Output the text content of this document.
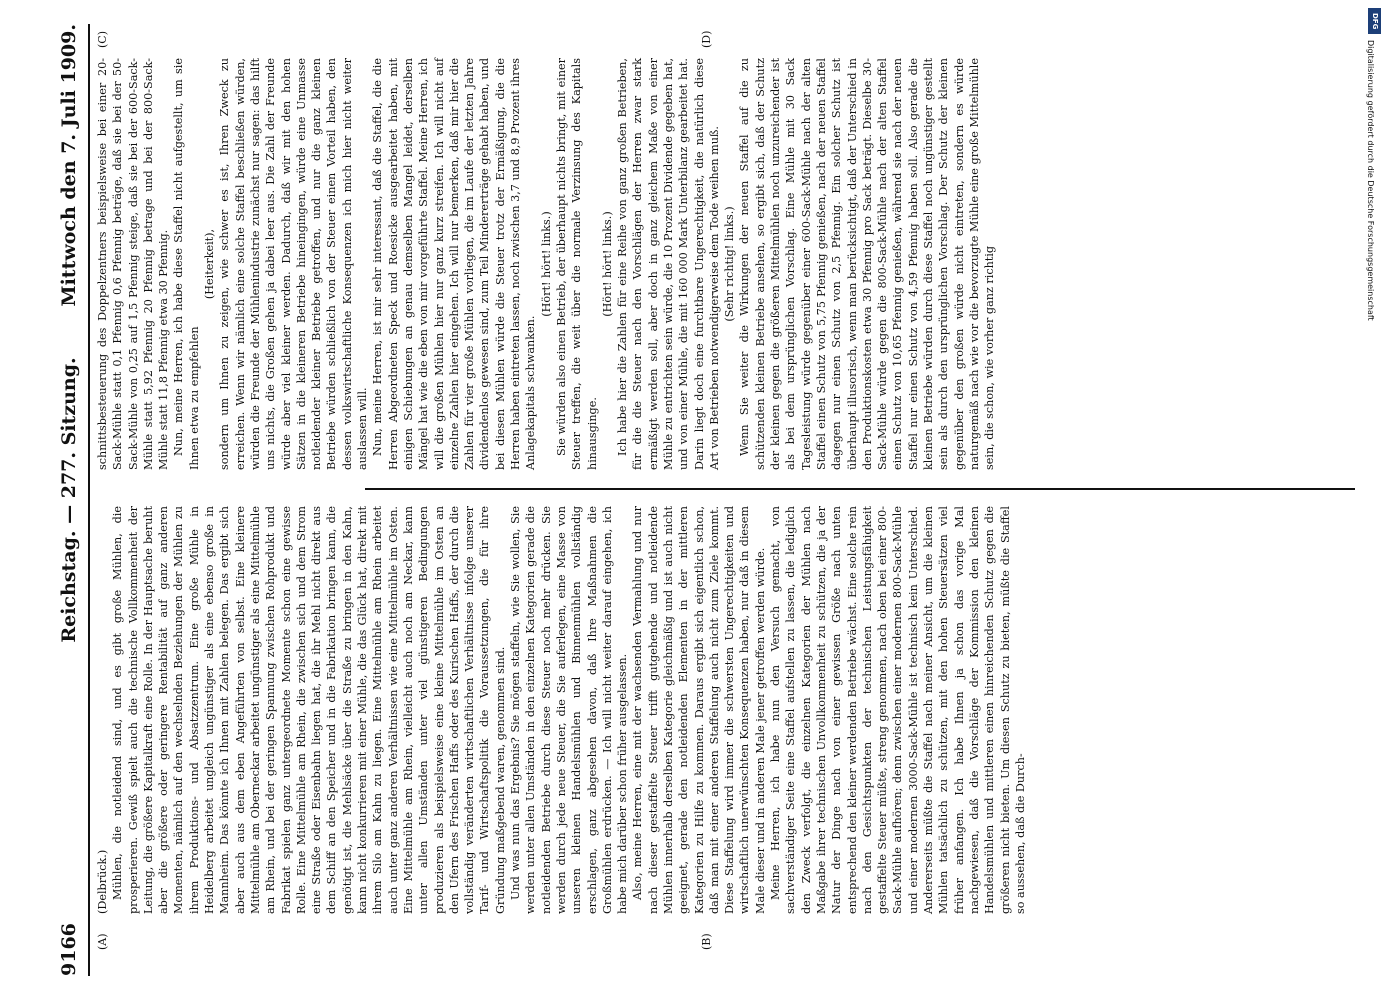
9166
Reichstag. — 277. Sitzung.
Mittwoch den 7. Juli 1909.
(A)	(B)
(C)	(D)

(Delbrück.) Mühlen, die notleidend sind, und es gibt große Mühlen, die prosperieren. Gewiß spielt auch die technische Vollkommenheit der Leitung, die größere Kapitalkraft eine Rolle. In der Hauptsache beruht aber die größere oder geringere Rentabilität auf ganz anderen Momenten, nämlich auf den wechselnden Beziehungen der Mühlen zu ihrem Produktions- und Absatzzentrum. Eine große Mühle in Heidelberg arbeitet ungleich ungünstiger als eine ebenso große in Mannheim. Das könnte ich Ihnen mit Zahlen belegen. Das ergibt sich aber auch aus dem eben Angeführten von selbst. Eine kleinere Mittelmühle am Oberneckar arbeitet ungünstiger als eine Mittelmühle am Rhein, und bei der geringen Spannung zwischen Rohprodukt und Fabrikat spielen ganz untergeordnete Momente schon eine gewisse Rolle. Eine Mittelmühle am Rhein, die zwischen sich und dem Strom eine Straße oder Eisenbahn liegen hat, die ihr Mehl nicht direkt aus dem Schiff an den Speicher und in die Fabrikation bringen kann, die genötigt ist, die Mehlsäcke über die Straße zu bringen in den Kahn, kann nicht konkurrieren mit einer Mühle, die das Glück hat, direkt mit ihrem Silo am Kahn zu liegen. Eine Mittelmühle am Rhein arbeitet auch unter ganz anderen Verhältnissen wie eine Mittelmühle im Osten. Eine Mittelmühle am Rhein, vielleicht auch noch am Neckar, kann unter allen Umständen unter viel günstigeren Bedingungen produzieren als beispielsweise eine kleine Mittelmühle im Osten an den Ufern des Frischen Haffs oder des Kurischen Haffs, der durch die vollständig veränderten wirtschaftlichen Verhältnisse infolge unserer Tarif- und Wirtschaftspolitik die Voraussetzungen, die für ihre Gründung maßgebend waren, genommen sind. Und was nun das Ergebnis? Sie mögen staffeln, wie Sie wollen, Sie werden unter allen Umständen in den einzelnen Kategorien gerade die notleidenden Betriebe durch diese Steuer noch mehr drücken. Sie werden durch jede neue Steuer, die Sie auferlegen, eine Masse von unseren kleinen Handelsmühlen und Binnenmühlen vollständig erschlagen, ganz abgesehen davon, daß Ihre Maßnahmen die Großmühlen erdrücken. — Ich will nicht weiter darauf eingehen, ich habe mich darüber schon früher ausgelassen. Also, meine Herren, eine mit der wachsenden Vermahlung und nur nach dieser gestaffelte Steuer trifft gutgehende und notleidende Mühlen innerhalb derselben Kategorie gleichmäßig und ist auch nicht geeignet, gerade den notleidenden Elementen in der mittleren Kategorien zu Hilfe zu kommen. Daraus ergibt sich eigentlich schon, daß man mit einer anderen Staffelung auch nicht zum Ziele kommt. Diese Staffelung wird immer die schwersten Ungerechtigkeiten und wirtschaftlich unerwünschten Konsequenzen haben, nur daß in diesem Male dieser und in anderen Male jener getroffen werden würde. Meine Herren, ich habe nun den Versuch gemacht, von sachverständiger Seite eine Staffel aufstellen zu lassen, die lediglich den Zweck verfolgt, die einzelnen Kategorien der Mühlen nach Maßgabe ihrer technischen Unvollkommenheit zu schützen, die ja der Natur der Dinge nach von einer gewissen Größe nach unten entsprechend den kleiner werdenden Betriebe wächst. Eine solche rein nach den Gesichtspunkten der technischen Leistungsfähigkeit gestaffelte Steuer müßte, streng genommen, nach oben bei einer 800-Sack-Mühle aufhören; denn zwischen einer modernen 800-Sack-Mühle und einer modernen 3000-Sack-Mühle ist technisch kein Unterschied. Andererseits müßte die Staffel nach meiner Ansicht, um die kleinen Mühlen tatsächlich zu schützen, mit den hohen Steuersätzen viel früher anfangen. Ich habe Ihnen ja schon das vorige Mal nachgewiesen, daß die Vorschläge der Kommission den kleinen Handelsmühlen und mittleren einen hinreichenden Schutz gegen die größeren nicht bieten. Um diesen Schutz zu bieten, müßte die Staffel so aussehen, daß die Durch-

schnittsbesteuerung des Doppelzentners beispielsweise bei einer 20-Sack-Mühle statt 0,1 Pfennig 0,6 Pfennig beträge, daß sie bei der 50-Sack-Mühle von 0,25 auf 1,5 Pfennig steige, daß sie bei der 600-Sack-Mühle statt 5,92 Pfennig 20 Pfennig betrage und bei der 800-Sack-Mühle statt 11,8 Pfennig etwa 30 Pfennig. Nun, meine Herren, ich habe diese Staffel nicht aufgestellt, um sie Ihnen etwa zu empfehlen

(Heiterkeit), sondern um Ihnen zu zeigen, wie schwer es ist, Ihren Zweck zu erreichen. Wenn wir nämlich eine solche Staffel beschließen würden, würden die Freunde der Mühlenindustrie zunächst nur sagen: das hilft uns nichts, die Großen gehen ja dabei leer aus. Die Zahl der Freunde würde aber viel kleiner werden. Dadurch, daß wir mit den hohen Sätzen in die kleineren Betriebe hineingingen, würde eine Unmasse notleidender kleiner Betriebe getroffen, und nur die ganz kleinen Betriebe würden schließlich von der Steuer einen Vorteil haben, den dessen volkswirtschaftliche Konsequenzen ich mich hier nicht weiter auslassen will. Nun, meine Herren, ist mir sehr interessant, daß die Staffel, die die Herren Abgeordneten Speck und Roesicke ausgearbeitet haben, mit einigen Schiebungen an genau demselben Mangel leidet, derselben Mängel hat wie die eben von mir vorgeführte Staffel. Meine Herren, ich will die großen Mühlen hier nur ganz kurz streifen. Ich will nicht auf einzelne Zahlen hier eingehen. Ich will nur bemerken, daß mir hier die Zahlen für vier große Mühlen vorliegen, die im Laufe der letzten Jahre dividendenlos gewesen sind, zum Teil Mindererträge gehabt haben, und bei diesen Mühlen würde die Steuer trotz der Ermäßigung, die die Herren haben eintreten lassen, noch zwischen 3,7 und 8,9 Prozent ihres Anlagekapitals schwanken.

(Hört! hört! links.) Sie würden also einen Betrieb, der überhaupt nichts bringt, mit einer Steuer treffen, die weit über die normale Verzinsung des Kapitals hinausginge.

(Hört! hört! links.) Ich habe hier die Zahlen für eine Reihe von ganz großen Betrieben, für die die Steuer nach den Vorschlägen der Herren zwar stark ermäßigt werden soll, aber doch in ganz gleichem Maße von einer Mühle zu entrichten sein würde, die 10 Prozent Dividende gegeben hat, und von einer Mühle, die mit 160 000 Mark Unterbilanz gearbeitet hat. Darin liegt doch eine furchtbare Ungerechtigkeit, die natürlich diese Art von Betrieben notwendigerweise dem Tode weihen muß. (Sehr richtig! links.) Wenn Sie weiter die Wirkungen der neuen Staffel auf die zu schützenden kleinen Betriebe ansehen, so ergibt sich, daß der Schutz der kleinen gegen die größeren Mittelmühlen noch unzureichender ist als bei dem ursprünglichen Vorschlag. Eine Mühle mit 30 Sack Tagesleistung würde gegenüber einer 600-Sack-Mühle nach der alten Staffel einen Schutz von 5,75 Pfennig genießen, nach der neuen Staffel dagegen nur einen Schutz von 2,5 Pfennig. Ein solcher Schutz ist überhaupt illusorisch, wenn man berücksichtigt, daß der Unterschied in den Produktionskosten etwa 30 Pfennig pro Sack beträgt. Dieselbe 30-Sack-Mühle würde gegen die 800-Sack-Mühle nach der alten Staffel einen Schutz von 10,65 Pfennig genießen, während sie nach der neuen Staffel nur einen Schutz von 4,59 Pfennig haben soll. Also gerade die kleinen Betriebe würden durch diese Staffel noch ungünstiger gestellt sein als durch den ursprünglichen Vorschlag. Der Schutz der kleinen gegenüber den großen würde nicht eintreten, sondern es würde naturgemäß nach wie vor die bevorzugte Mühle eine große Mittelmühle sein, die schon, wie vorher ganz richtig

DFG
Digitalisierung gefördert durch die Deutsche Forschungsgemeinschaft
